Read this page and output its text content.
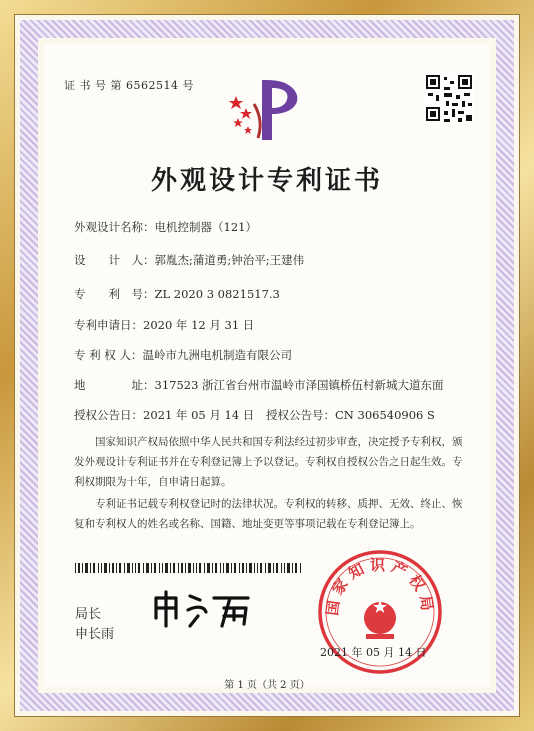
证 书 号 第 6562514 号
外观设计专利证书
外观设计名称：电机控制器（121）
设　　计　人：郭胤杰;蒲道勇;钟治平;王建伟
专　　利　号：ZL 2020 3 0821517.3
专利申请日：2020 年 12 月 31 日
专 利 权 人：温岭市九洲电机制造有限公司
地　　　　址：317523 浙江省台州市温岭市泽国镇桥伍村新城大道东面
授权公告日：2021 年 05 月 14 日 授权公告号：CN 306540906 S
国家知识产权局依照中华人民共和国专利法经过初步审查，决定授予专利权，颁发外观设计专利证书并在专利登记簿上予以登记。专利权自授权公告之日起生效。专利权期限为十年，自申请日起算。
专利证书记载专利权登记时的法律状况。专利权的转移、质押、无效、终止、恢复和专利权人的姓名或名称、国籍、地址变更等事项记载在专利登记簿上。
局长
申长雨
国家知识产权局
2021 年 05 月 14 日
第 1 页（共 2 页）
